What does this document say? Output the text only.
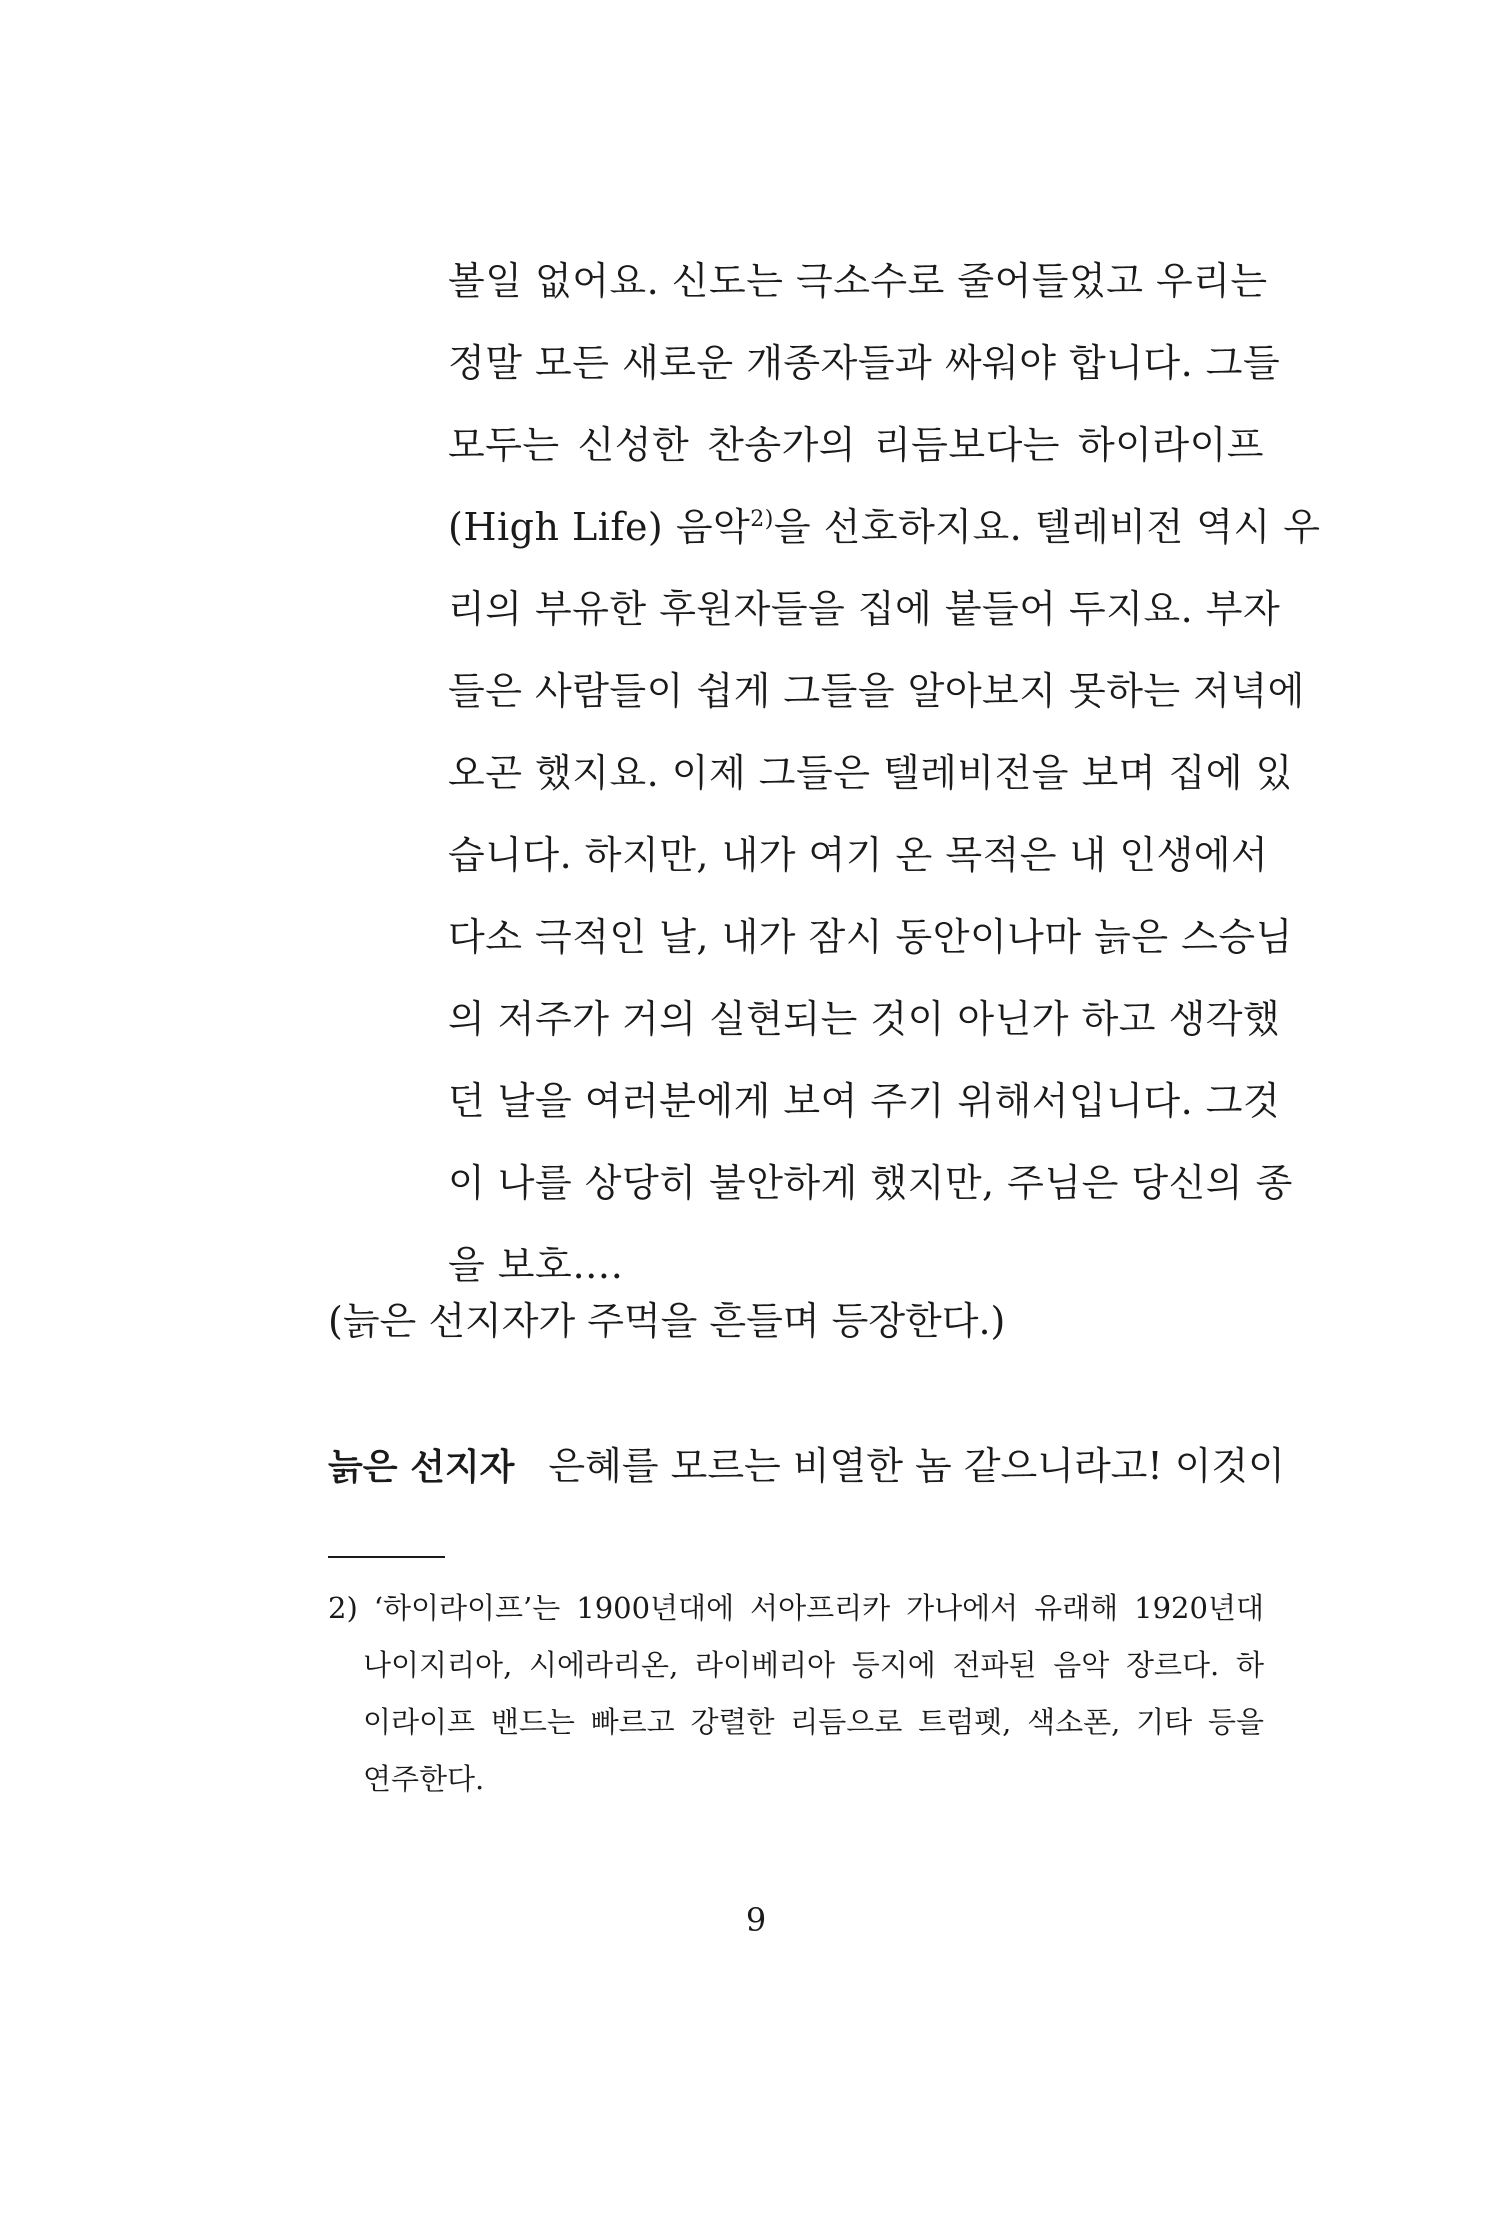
볼일 없어요. 신도는 극소수로 줄어들었고 우리는
정말 모든 새로운 개종자들과 싸워야 합니다. 그들
모두는 신성한 찬송가의 리듬보다는 하이라이프
(High Life) 음악$^{2)}$을 선호하지요. 텔레비전 역시 우
리의 부유한 후원자들을 집에 붙들어 두지요. 부자
들은 사람들이 쉽게 그들을 알아보지 못하는 저녁에
오곤 했지요. 이제 그들은 텔레비전을 보며 집에 있
습니다. 하지만, 내가 여기 온 목적은 내 인생에서
다소 극적인 날, 내가 잠시 동안이나마 늙은 스승님
의 저주가 거의 실현되는 것이 아닌가 하고 생각했
던 날을 여러분에게 보여 주기 위해서입니다. 그것
이 나를 상당히 불안하게 했지만, 주님은 당신의 종
을 보호….
(늙은 선지자가 주먹을 흔들며 등장한다.)
늙은 선지자 은혜를 모르는 비열한 놈 같으니라고! 이것이
2) ‘하이라이프’는 1900년대에 서아프리카 가나에서 유래해 1920년대
나이지리아, 시에라리온, 라이베리아 등지에 전파된 음악 장르다. 하
이라이프 밴드는 빠르고 강렬한 리듬으로 트럼펫, 색소폰, 기타 등을
연주한다.
9
